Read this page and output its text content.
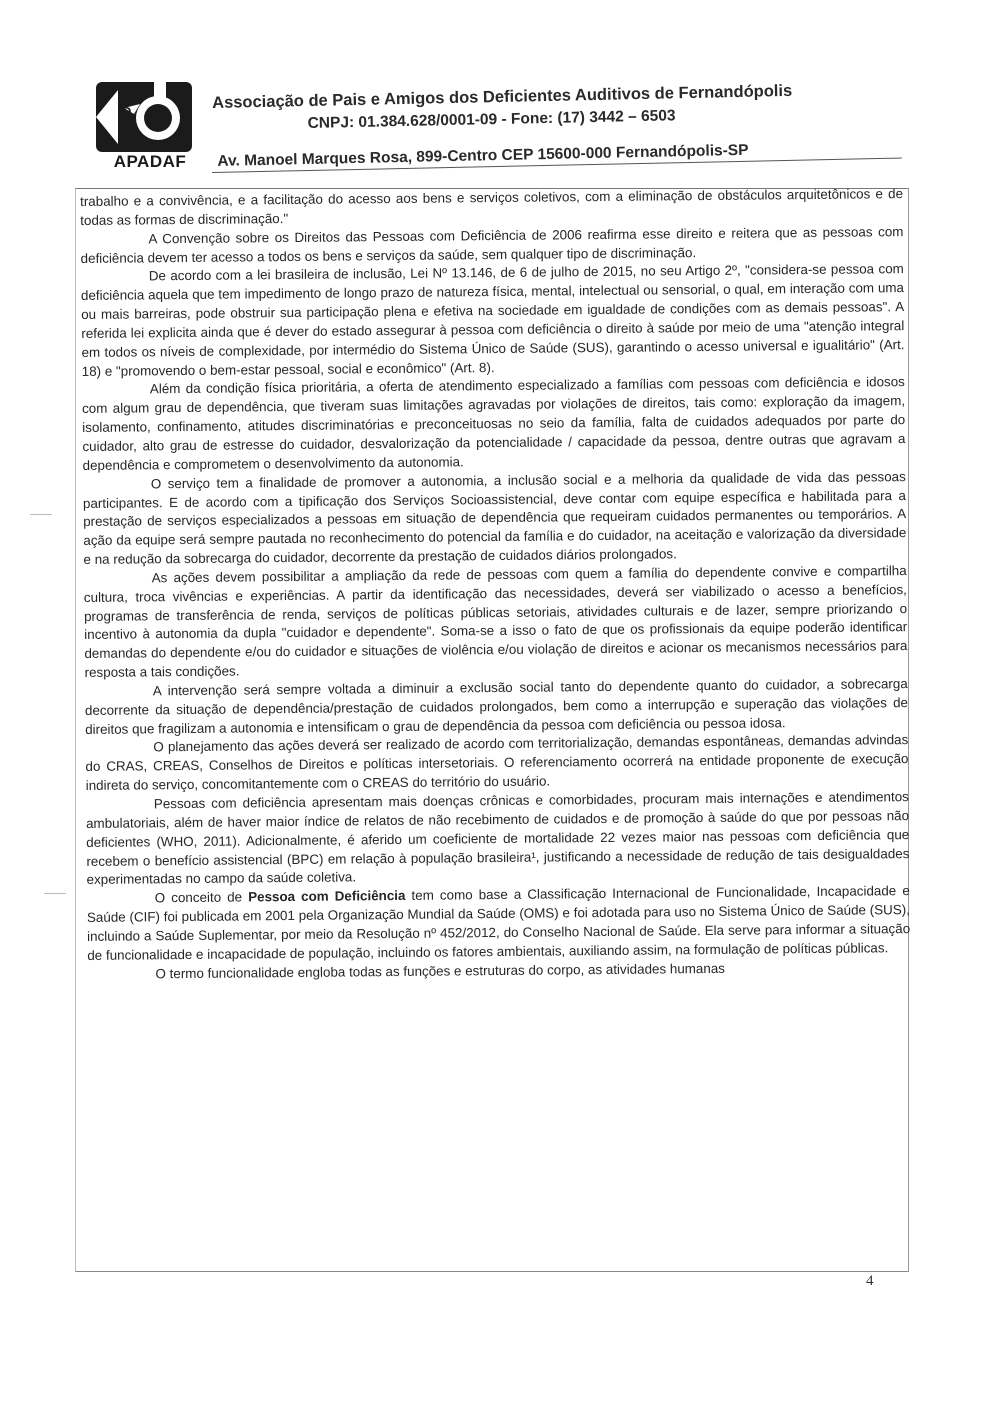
D
APADAF

Associação de Pais e Amigos dos Deficientes Auditivos de Fernandópolis

CNPJ: 01.384.628/0001-09 - Fone: (17) 3442 – 6503

Av. Manoel Marques Rosa, 899-Centro CEP 15600-000 Fernandópolis-SP

trabalho e a convivência, e a facilitação do acesso aos bens e serviços coletivos, com a eliminação de obstáculos arquitetônicos e de todas as formas de discriminação."

A Convenção sobre os Direitos das Pessoas com Deficiência de 2006 reafirma esse direito e reitera que as pessoas com deficiência devem ter acesso a todos os bens e serviços da saúde, sem qualquer tipo de discriminação.

De acordo com a lei brasileira de inclusão, Lei Nº 13.146, de 6 de julho de 2015, no seu Artigo 2º, "considera-se pessoa com deficiência aquela que tem impedimento de longo prazo de natureza física, mental, intelectual ou sensorial, o qual, em interação com uma ou mais barreiras, pode obstruir sua participação plena e efetiva na sociedade em igualdade de condições com as demais pessoas". A referida lei explicita ainda que é dever do estado assegurar à pessoa com deficiência o direito à saúde por meio de uma "atenção integral em todos os níveis de complexidade, por intermédio do Sistema Único de Saúde (SUS), garantindo o acesso universal e igualitário" (Art. 18) e "promovendo o bem-estar pessoal, social e econômico" (Art. 8).

Além da condição física prioritária, a oferta de atendimento especializado a famílias com pessoas com deficiência e idosos com algum grau de dependência, que tiveram suas limitações agravadas por violações de direitos, tais como: exploração da imagem, isolamento, confinamento, atitudes discriminatórias e preconceituosas no seio da família, falta de cuidados adequados por parte do cuidador, alto grau de estresse do cuidador, desvalorização da potencialidade / capacidade da pessoa, dentre outras que agravam a dependência e comprometem o desenvolvimento da autonomia.

O serviço tem a finalidade de promover a autonomia, a inclusão social e a melhoria da qualidade de vida das pessoas participantes. E de acordo com a tipificação dos Serviços Socioassistencial, deve contar com equipe específica e habilitada para a prestação de serviços especializados a pessoas em situação de dependência que requeiram cuidados permanentes ou temporários. A ação da equipe será sempre pautada no reconhecimento do potencial da família e do cuidador, na aceitação e valorização da diversidade e na redução da sobrecarga do cuidador, decorrente da prestação de cuidados diários prolongados.

As ações devem possibilitar a ampliação da rede de pessoas com quem a família do dependente convive e compartilha cultura, troca vivências e experiências. A partir da identificação das necessidades, deverá ser viabilizado o acesso a benefícios, programas de transferência de renda, serviços de políticas públicas setoriais, atividades culturais e de lazer, sempre priorizando o incentivo à autonomia da dupla "cuidador e dependente". Soma-se a isso o fato de que os profissionais da equipe poderão identificar demandas do dependente e/ou do cuidador e situações de violência e/ou violação de direitos e acionar os mecanismos necessários para resposta a tais condições.

A intervenção será sempre voltada a diminuir a exclusão social tanto do dependente quanto do cuidador, a sobrecarga decorrente da situação de dependência/prestação de cuidados prolongados, bem como a interrupção e superação das violações de direitos que fragilizam a autonomia e intensificam o grau de dependência da pessoa com deficiência ou pessoa idosa.

O planejamento das ações deverá ser realizado de acordo com territorialização, demandas espontâneas, demandas advindas do CRAS, CREAS, Conselhos de Direitos e políticas intersetoriais. O referenciamento ocorrerá na entidade proponente de execução indireta do serviço, concomitantemente com o CREAS do território do usuário.

Pessoas com deficiência apresentam mais doenças crônicas e comorbidades, procuram mais internações e atendimentos ambulatoriais, além de haver maior índice de relatos de não recebimento de cuidados e de promoção à saúde do que por pessoas não deficientes (WHO, 2011). Adicionalmente, é aferido um coeficiente de mortalidade 22 vezes maior nas pessoas com deficiência que recebem o benefício assistencial (BPC) em relação à população brasileira¹, justificando a necessidade de redução de tais desigualdades experimentadas no campo da saúde coletiva.

O conceito de Pessoa com Deficiência tem como base a Classificação Internacional de Funcionalidade, Incapacidade e Saúde (CIF) foi publicada em 2001 pela Organização Mundial da Saúde (OMS) e foi adotada para uso no Sistema Único de Saúde (SUS), incluindo a Saúde Suplementar, por meio da Resolução nº 452/2012, do Conselho Nacional de Saúde. Ela serve para informar a situação de funcionalidade e incapacidade de população, incluindo os fatores ambientais, auxiliando assim, na formulação de políticas públicas.

O termo funcionalidade engloba todas as funções e estruturas do corpo, as atividades humanas

4
